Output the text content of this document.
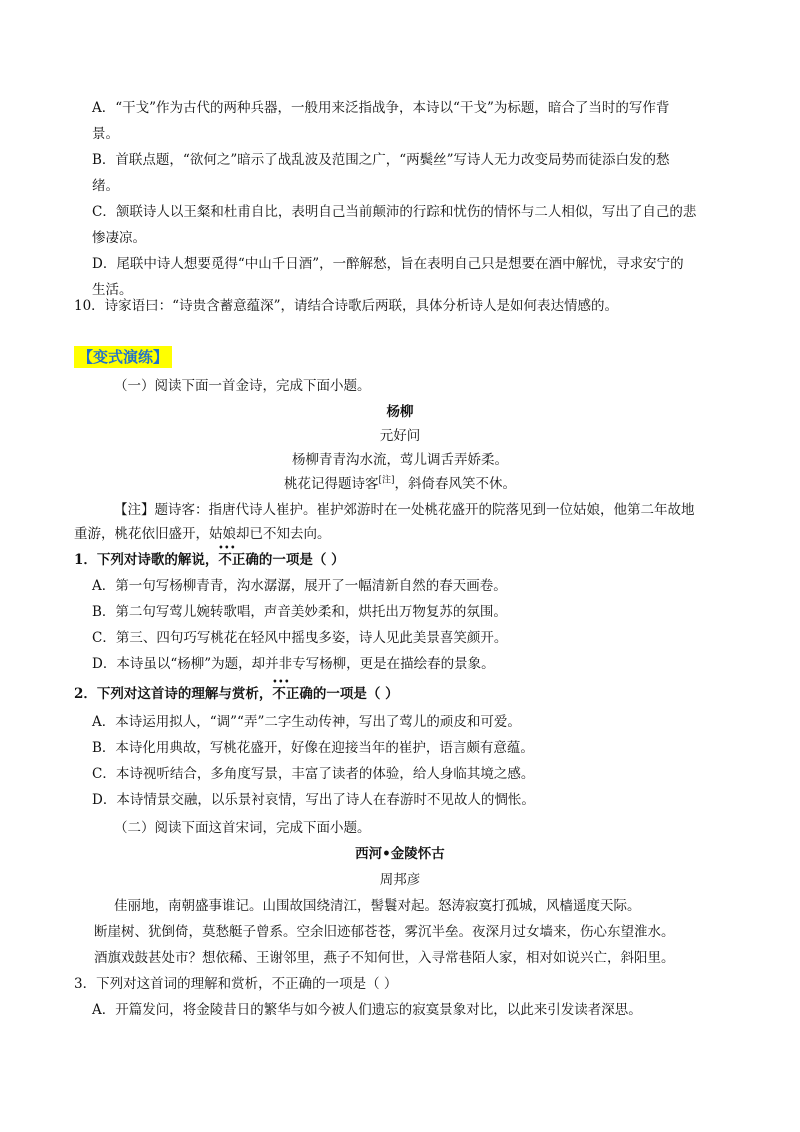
A．“干戈”作为古代的两种兵器，一般用来泛指战争，本诗以“干戈”为标题，暗合了当时的写作背
景。
B．首联点题，“欲何之”暗示了战乱波及范围之广，“两鬓丝”写诗人无力改变局势而徒添白发的愁
绪。
C．颔联诗人以王粲和杜甫自比，表明自己当前颠沛的行踪和忧伤的情怀与二人相似，写出了自己的悲
惨凄凉。
D．尾联中诗人想要觅得“中山千日酒”，一醉解愁，旨在表明自己只是想要在酒中解忧，寻求安宁的
生活。
10．诗家语曰：“诗贵含蓄意蕴深”，请结合诗歌后两联，具体分析诗人是如何表达情感的。
【变式演练】
（一）阅读下面一首金诗，完成下面小题。
杨柳
元好问
杨柳青青沟水流，莺儿调舌弄娇柔。
桃花记得题诗客[注]，斜倚春风笑不休。
【注】题诗客：指唐代诗人崔护。崔护郊游时在一处桃花盛开的院落见到一位姑娘，他第二年故地
重游，桃花依旧盛开，姑娘却已不知去向。
1．下列对诗歌的解说，不正确 • • •的一项是（ ）
A．第一句写杨柳青青，沟水潺潺，展开了一幅清新自然的春天画卷。
B．第二句写莺儿婉转歌唱，声音美妙柔和，烘托出万物复苏的氛围。
C．第三、四句巧写桃花在轻风中摇曳多姿，诗人见此美景喜笑颜开。
D．本诗虽以“杨柳”为题，却并非专写杨柳，更是在描绘春的景象。
2．下列对这首诗的理解与赏析，不正确 • • •的一项是（ ）
A．本诗运用拟人，“调”“弄”二字生动传神，写出了莺儿的顽皮和可爱。
B．本诗化用典故，写桃花盛开，好像在迎接当年的崔护，语言颇有意蕴。
C．本诗视听结合，多角度写景，丰富了读者的体验，给人身临其境之感。
D．本诗情景交融，以乐景衬哀情，写出了诗人在春游时不见故人的惆怅。
（二）阅读下面这首宋词，完成下面小题。
西河•金陵怀古
周邦彦
佳丽地，南朝盛事谁记。山围故国绕清江，髻鬟对起。怒涛寂寞打孤城，风樯遥度天际。
断崖树、犹倒倚，莫愁艇子曾系。空余旧迹郁苍苍，雾沉半垒。夜深月过女墙来，伤心东望淮水。
酒旗戏鼓甚处市？想依稀、王谢邻里，燕子不知何世，入寻常巷陌人家，相对如说兴亡，斜阳里。
3．下列对这首词的理解和赏析，不正确的一项是（ ）
A．开篇发问，将金陵昔日的繁华与如今被人们遗忘的寂寞景象对比，以此来引发读者深思。
